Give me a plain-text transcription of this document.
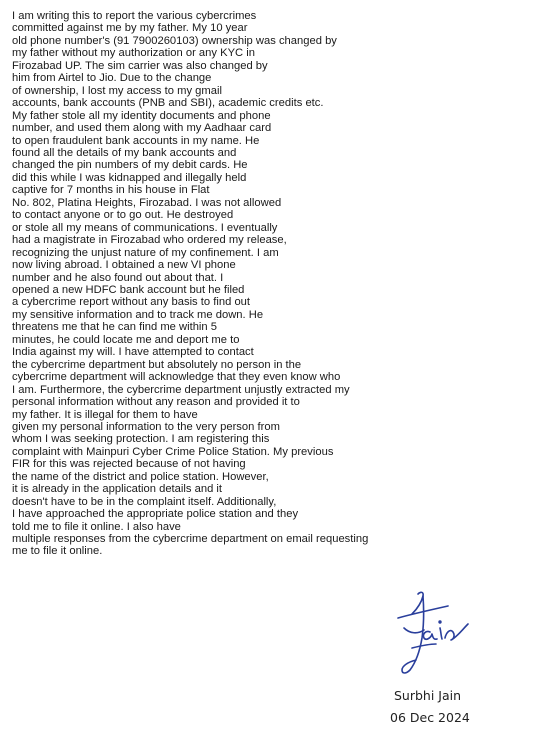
I am writing this to report the various cybercrimes
committed against me by my father. My 10 year
old phone number's (91 7900260103) ownership was changed by
my father without my authorization or any KYC in
Firozabad UP. The sim carrier was also changed by
him from Airtel to Jio. Due to the change
of ownership, I lost my access to my gmail
accounts, bank accounts (PNB and SBI), academic credits etc.
My father stole all my identity documents and phone
number, and used them along with my Aadhaar card
to open fraudulent bank accounts in my name. He
found all the details of my bank accounts and
changed the pin numbers of my debit cards. He
did this while I was kidnapped and illegally held
captive for 7 months in his house in Flat
No. 802, Platina Heights, Firozabad. I was not allowed
to contact anyone or to go out. He destroyed
or stole all my means of communications. I eventually
had a magistrate in Firozabad who ordered my release,
recognizing the unjust nature of my confinement. I am
now living abroad. I obtained a new VI phone
number and he also found out about that. I
opened a new HDFC bank account but he filed
a cybercrime report without any basis to find out
my sensitive information and to track me down. He
threatens me that he can find me within 5
minutes, he could locate me and deport me to
India against my will. I have attempted to contact
the cybercrime department but absolutely no person in the
cybercrime department will acknowledge that they even know who
I am. Furthermore, the cybercrime department unjustly extracted my
personal information without any reason and provided it to
my father. It is illegal for them to have
given my personal information to the very person from
whom I was seeking protection. I am registering this
complaint with Mainpuri Cyber Crime Police Station. My previous
FIR for this was rejected because of not having
the name of the district and police station. However,
it is already in the application details and it
doesn't have to be in the complaint itself. Additionally,
I have approached the appropriate police station and they
told me to file it online. I also have
multiple responses from the cybercrime department on email requesting
me to file it online.
Surbhi Jain
06 Dec 2024
